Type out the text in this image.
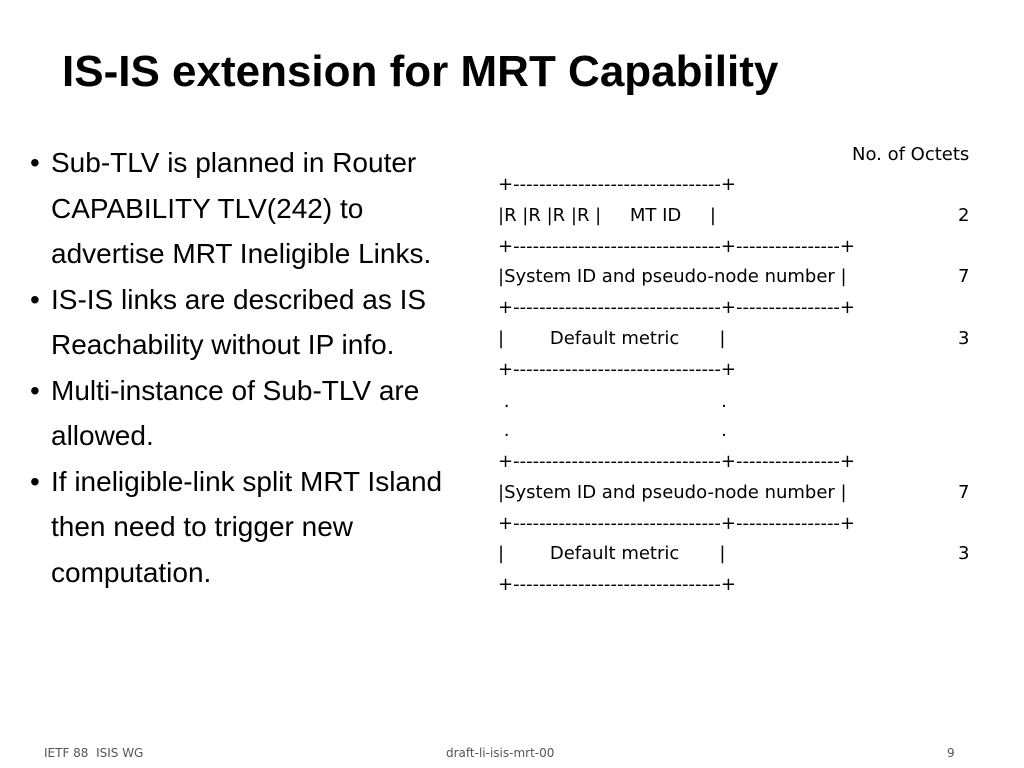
IS-IS extension for MRT Capability
• Sub-TLV is planned in Router CAPABILITY TLV(242) to advertise MRT Ineligible Links.
• IS-IS links are described as IS Reachability without IP info.
• Multi-instance of Sub-TLV are allowed.
• If ineligible-link split MRT Island then need to trigger new computation.
No. of Octets
+--------------------------------+
|R |R |R |R |     MT ID     |	2
+--------------------------------+----------------+
|System ID and pseudo-node number |	7
+--------------------------------+----------------+
|        Default metric       |	3
+--------------------------------+
.                                     .
.                                     .
+--------------------------------+----------------+
|System ID and pseudo-node number |	7
+--------------------------------+----------------+
|        Default metric       |	3
+--------------------------------+
IETF 88  ISIS WG	draft-li-isis-mrt-00	9
